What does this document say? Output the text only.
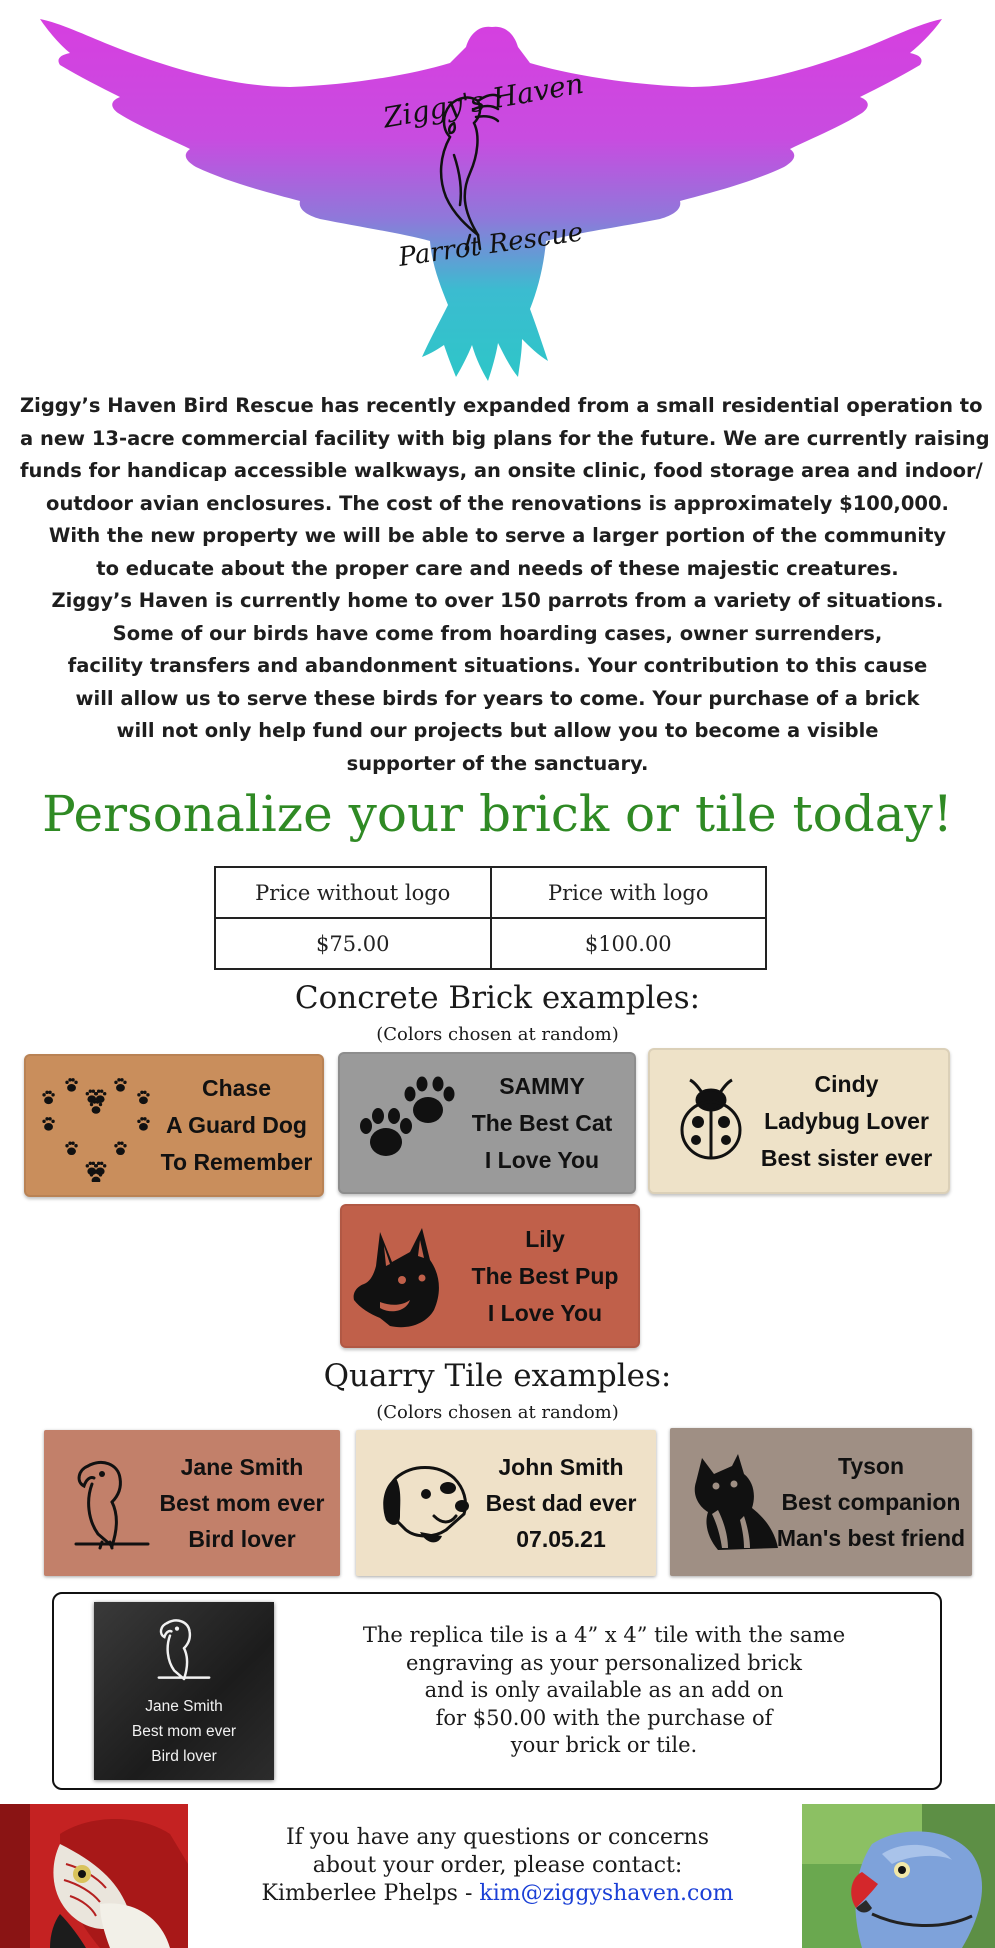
Ziggy's Haven
Parrot Rescue

Ziggy’s Haven Bird Rescue has recently expanded from a small residential operation to

a new 13-acre commercial facility with big plans for the future. We are currently raising

funds for handicap accessible walkways, an onsite clinic, food storage area and indoor/

outdoor avian enclosures. The cost of the renovations is approximately $100,000.

With the new property we will be able to serve a larger portion of the community

to educate about the proper care and needs of these majestic creatures.

Ziggy’s Haven is currently home to over 150 parrots from a variety of situations.

Some of our birds have come from hoarding cases, owner surrenders,

facility transfers and abandonment situations. Your contribution to this cause

will allow us to serve these birds for years to come. Your purchase of a brick

will not only help fund our projects but allow you to become a visible

supporter of the sanctuary.

Personalize your brick or tile today!
Price without logo	Price with logo
$75.00	$100.00
Concrete Brick examples:
(Colors chosen at random)
Chase
A Guard Dog
To Remember
SAMMY
The Best Cat
I Love You
Cindy
Ladybug Lover
Best sister ever
Lily
The Best Pup
I Love You
Quarry Tile examples:
(Colors chosen at random)
Jane Smith
Best mom ever
Bird lover
John Smith
Best dad ever
07.05.21
Tyson
Best companion
Man's best friend
Jane Smith
Best mom ever
Bird lover

The replica tile is a 4” x 4” tile with the same

engraving as your personalized brick

and is only available as an add on

for $50.00 with the purchase of

your brick or tile.

If you have any questions or concerns

about your order, please contact:

Kimberlee Phelps - kim@ziggyshaven.com
